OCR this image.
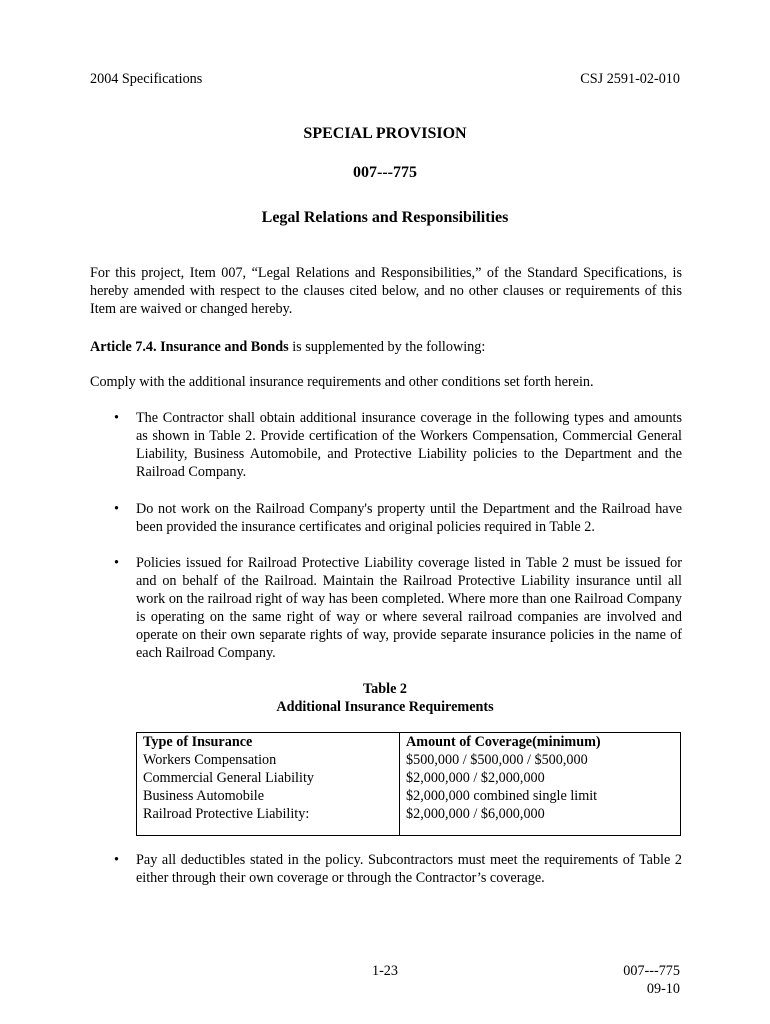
2004 Specifications	CSJ 2591-02-010
SPECIAL PROVISION
007---775
Legal Relations and Responsibilities
For this project, Item 007, “Legal Relations and Responsibilities,” of the Standard Specifications, is hereby amended with respect to the clauses cited below, and no other clauses or requirements of this Item are waived or changed hereby.
Article 7.4. Insurance and Bonds is supplemented by the following:
Comply with the additional insurance requirements and other conditions set forth herein.
• The Contractor shall obtain additional insurance coverage in the following types and amounts as shown in Table 2. Provide certification of the Workers Compensation, Commercial General Liability, Business Automobile, and Protective Liability policies to the Department and the Railroad Company.
• Do not work on the Railroad Company's property until the Department and the Railroad have been provided the insurance certificates and original policies required in Table 2.
• Policies issued for Railroad Protective Liability coverage listed in Table 2 must be issued for and on behalf of the Railroad. Maintain the Railroad Protective Liability insurance until all work on the railroad right of way has been completed. Where more than one Railroad Company is operating on the same right of way or where several railroad companies are involved and operate on their own separate rights of way, provide separate insurance policies in the name of each Railroad Company.
Table 2
Additional Insurance Requirements
Type of Insurance	Amount of Coverage(minimum)
Workers Compensation	$500,000 / $500,000 / $500,000
Commercial General Liability	$2,000,000 / $2,000,000
Business Automobile	$2,000,000 combined single limit
Railroad Protective Liability:	$2,000,000 / $6,000,000

• Pay all deductibles stated in the policy. Subcontractors must meet the requirements of Table 2 either through their own coverage or through the Contractor’s coverage.
1-23	007---775
09-10
